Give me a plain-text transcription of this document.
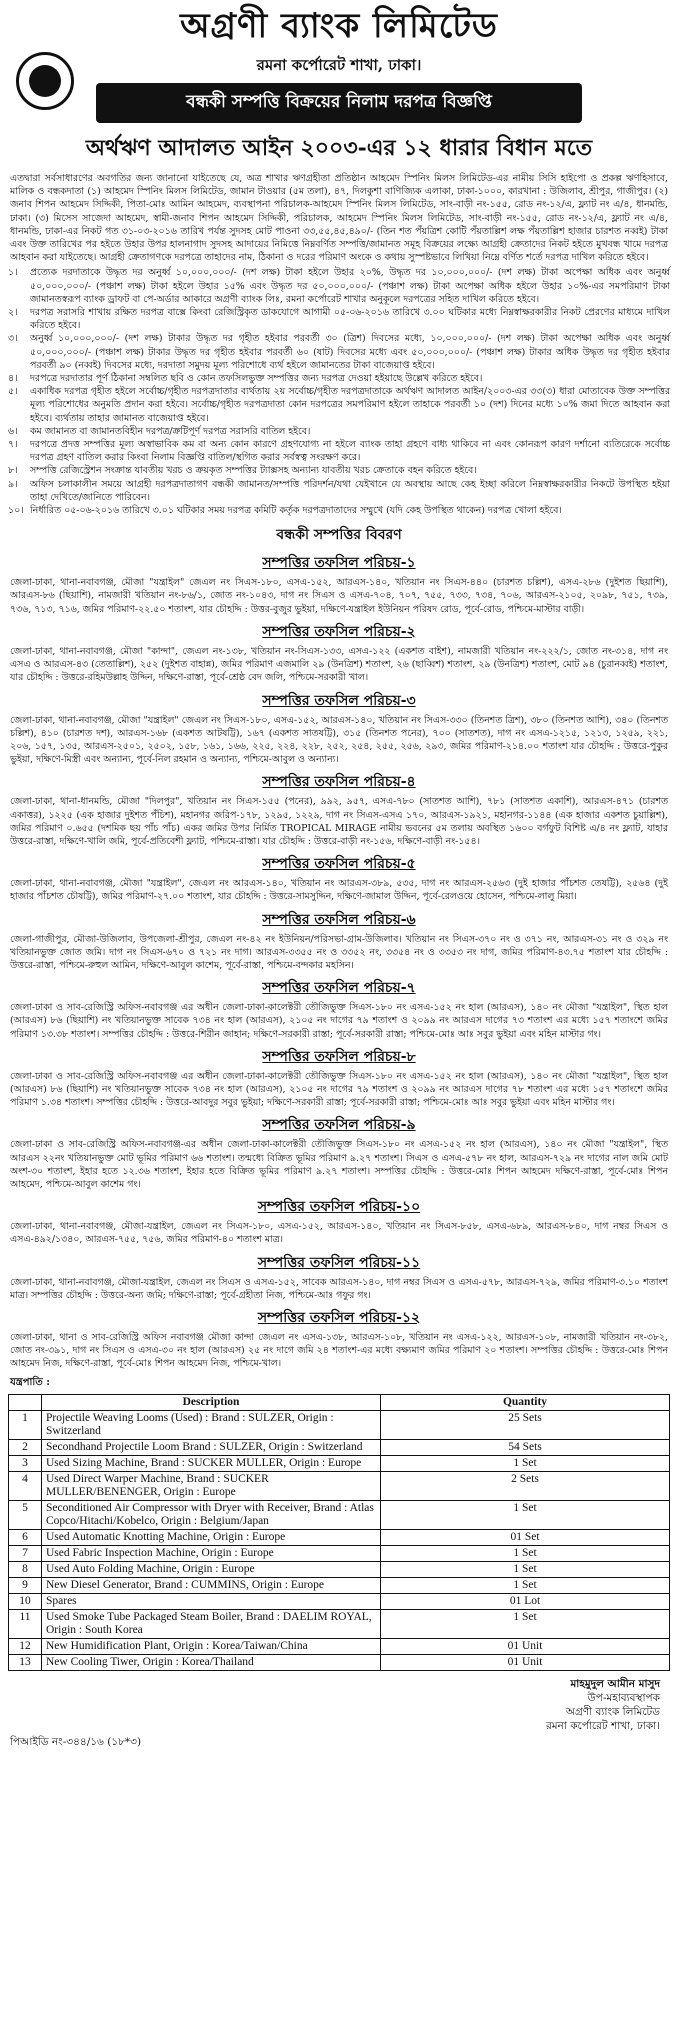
অগ্রণী ব্যাংক লিমিটেড
রমনা কর্পোরেট শাখা, ঢাকা।
বন্ধকী সম্পত্তি বিক্রয়ের নিলাম দরপত্র বিজ্ঞপ্তি
অর্থঋণ আদালত আইন ২০০৩-এর ১২ ধারার বিধান মতে
এতদ্বারা সর্বসাধারণের অবগতির জন্য জানানো যাইতেছে যে, অত্র শাখার ঋণগ্রহীতা প্রতিষ্ঠান আহমেদ স্পিনিং মিলস লিমিটেড-এর নামীয় সিসি হাইপো ও প্রকল্প ঋণহিসাবে, মালিক ও বন্ধকদাতা (১) আহমেদ স্পিনিং মিলস লিমিটেড, জামান টাওয়ার (৫ম তলা), ৪৭, দিলকুশা বাণিজ্যিক এলাকা, ঢাকা-১০০০, কারখানা : উজিলাব, শ্রীপুর, গাজীপুর। (২) জনাব শিপন আহমেদ সিদ্দিকী, পিতা-মোঃ আমিন আহমেদ, ব্যবস্থাপনা পরিচালক-আহমেদ স্পিনিং মিলস লিমিটেড, সাং-বাড়ী নং-১৫৫, রোড নং-১২/এ, ফ্ল্যাট নং এ/৪, ধানমন্ডি, ঢাকা। (৩) মিসেস সাজেদা আহমেদ, স্বামী-জনাব শিপন আহমেদ সিদ্দিকী, পরিচালক, আহমেদ স্পিনিং মিলস লিমিটেড, সাং-বাড়ী নং-১৫৫, রোড নং-১২/এ, ফ্ল্যাট নং এ/৪, ধানমন্ডি, ঢাকা-এর নিকট গত ৩১-০৩-২০১৬ তারিখ পর্যন্ত সুদসহ মোট পাওনা ৩৩,৫৫,৪৫,৪৯০/- (তিন শত পঁয়ত্রিশ কোটি পঁয়তাল্লিশ লক্ষ পঁয়তাল্লিশ হাজার চারশত নব্বই) টাকা এবং উক্ত তারিখের পর হইতে উহার উপর হালনাগাদ সুদসহ আদায়ের নিমিত্তে নিম্নবর্ণিত সম্পত্তি/জামানত সমূহ বিক্রয়ের লক্ষ্যে আগ্রহী ক্রেতাদের নিকট হইতে মুখবন্ধ খামে দরপত্র আহবান করা যাইতেছে। আগ্রহী ক্রেতাগণকে দরপত্রে তাহাদের নাম, ঠিকানা ও দরের পরিমাণ অংকে ও কথায় সুস্পষ্টভাবে লিখিয়া নিম্নে বর্ণিত শর্তে দরপত্র দাখিল করিতে হইবে।
১।	প্রত্যেক দরদাতাকে উদ্ধৃত দর অনুর্ধ্ব ১০,০০০,০০০/- (দশ লক্ষ) টাকা হইলে উহার ২০%, উদ্ধৃত দর ১০,০০০,০০০/- (দশ লক্ষ) টাকা অপেক্ষা অধিক এবং অনুর্ধ্ব ৫০,০০০,০০০/- (পঞ্চাশ লক্ষ) টাকা হইলে উহার ১৫% এবং উদ্ধৃত দর ৫০,০০০,০০০/- (পঞ্চাশ লক্ষ) টাকা অপেক্ষা অধিক হইলে উহার ১০%-এর সমপরিমাণ টাকা জামানতস্বরূপ ব্যাংক ড্রাফট বা পে-অর্ডার আকারে অগ্রণী ব্যাংক লিঃ, রমনা কর্পোরেট শাখার অনুকূলে দরপত্রের সহিত দাখিল করিতে হইবে।
২।	দরপত্র সরাসরি শাখায় রক্ষিত দরপত্র বাক্সে কিংবা রেজিস্ট্রিকৃত ডাকযোগে আগামী ০৫-০৬-২০১৬ তারিখে ৩.০০ ঘটিকার মধ্যে নিম্নস্বাক্ষরকারীর নিকট প্রেরণের মাধ্যমে দাখিল করিতে হইবে।
৩।	অনুর্ধ্ব ১০,০০০,০০০/- (দশ লক্ষ) টাকার উদ্ধৃত দর গৃহীত হইবার পরবর্তী ৩০ (ত্রিশ) দিবসের মধ্যে, ১০,০০০,০০০/- (দশ লক্ষ) টাকা অপেক্ষা অধিক এবং অনুর্ধ্ব ৫০,০০০,০০০/- (পঞ্চাশ লক্ষ) টাকার উদ্ধৃত দর গৃহীত হইবার পরবর্তী ৬০ (ষাট) দিবসের মধ্যে এবং ৫০,০০০,০০০/- (পঞ্চাশ লক্ষ) টাকার অধিক উদ্ধৃত দর গৃহীত হইবার পরবর্তী ৯০ (নব্বই) দিবসের মধ্যে, দরদাতা সমুদয় মূল্য পরিশোধে ব্যর্থ হইলে জামানতের টাকা বাজেয়াপ্ত হইবে।
৪।	দরপত্রে দরদাতার পূর্ণ ঠিকানা সম্বলিত ছবি ও কোন তফসিলভুক্ত সম্পত্তির জন্য দরপত্র দেওয়া হইয়াছে উল্লেখ করিতে হইবে।
৫।	একাধিক দরপত্র গৃহীত হইলে সর্বোচ্চ/গৃহীত দরপত্রদাতার ব্যর্থতায় ২য় সর্বোচ্চ/গৃহীত দরপত্রদাতাকে অর্থঋণ আদালত আইন/২০০৩-এর ৩৩(৩) ধারা মোতাবেক উক্ত সম্পত্তির মূল্য পরিশোধের অনুমতি প্রদান করা হইবে। সর্বোচ্চ/গৃহীত দরপত্রদাতা কোন দরপত্রের সমপরিমাণ হইলে তাহাকে পরবর্তী ১০ (দশ) দিনের মধ্যে ১০% জমা দিতে আহবান করা হইবে। ব্যর্থতায় তাহার জামানত বাজেয়াপ্ত হইবে।
৬।	কম জামানত বা জামানতবিহীন দরপত্র/ক্রটিপূর্ণ দরপত্র সরাসরি বাতিল হইবে।
৭।	দরপত্রে প্রদত্ত সম্পত্তির মূল্য অস্বাভাবিক কম বা অন্য কোন কারণে গ্রহণযোগ্য না হইলে ব্যাংক তাহা গ্রহণে বাধ্য থাকিবে না এবং কোনরূপ কারণ দর্শানো ব্যতিরেকে সর্বোচ্চ দরপত্র গ্রহণ বাতিল করার কিংবা নিলাম বিজ্ঞপ্তি বাতিল/স্থগিত করার সর্বস্বত্ব সংরক্ষণ করে।
৮।	সম্পত্তি রেজিস্ট্রেশন সংক্রান্ত যাবতীয় খরচ ও ক্রয়কৃত সম্পত্তির ট্যাক্সসহ অন্যান্য যাবতীয় খরচ ক্রেতাকে বহন করিতে হইবে।
৯।	অফিস চলাকালীন সময়ে আগ্রহী দরপত্রদাতাগণ বন্ধকী জামানত/সম্পত্তি পরিদর্শন/যথা যেইখানে যে অবস্থায় আছে কেহ ইচ্ছা করিলে নিম্নস্বাক্ষরকারীর নিকটে উপস্থিত হইয়া তাহা দেখিতে/জানিতে পারিবেন।
১০। নির্ধারিত ০৫-০৬-২০১৬ তারিখে ৩.০১ ঘটিকার সময় দরপত্র কমিটি কর্তৃক দরপত্রদাতাদের সম্মুখে (যদি কেহ উপস্থিত থাকেন) দরপত্র খোলা হইবে।
বন্ধকী সম্পত্তির বিবরণ
সম্পত্তির তফসিল পরিচয়-১
জেলা-ঢাকা, থানা-নবাবগঞ্জ, মৌজা "যন্ত্রাইল" জেএল নং সিএস-১৮০, এসএ-১৫২, আরএস-১৪০, খতিয়ান নং সিএস-৪৪০ (চারশত চল্লিশ), এসএ-২৮৬ (দুইশত ছিয়াশি), আরএস-৮৬ (ছিয়াশি), নামজারী খতিয়ান নং-৮৬/১, জোত নং-১০৪৩, দাগ নং সিএস ও এসএ-৭০৪, ৭০৭, ৭৫৫, ৭৩৩, ৭৩৪, ৭০৬, আরএস-২১০৫, ২০৯৮, ৭৫১, ৭৩৯, ৭৩৬, ৭১৩, ৭১৬, জমির পরিমাণ-২২.৫০ শতাংশ, যার চৌহদ্দি : উত্তর-বুজুর ভুইয়া, দক্ষিণে-যন্ত্রাইল ইউনিয়ন পরিষদ রোড, পূর্বে-রোড, পশ্চিমে-মাস্টার বাড়ী।
সম্পত্তির তফসিল পরিচয়-২
জেলা-ঢাকা, থানা-নবাবগঞ্জ, মৌজা "কান্দা", জেএল নং-১৩৮, খতিয়ান নং-সিএস-১৩৩, এসএ-১২২ (একশত বাইশ), নামজারী খতিয়ান নং-২২২/১, জোত নং-৩১৪, দাগ নং এসএ ও আরএস-৪৩ (তেতাল্লিশ), ২৫২ (দুইশত বাহান্ন), জমির পরিমাণ এজমালি ২৯ (উনত্রিশ) শতাংশ, ২৬ (ছাব্বিশ) শতাংশ, ২৯ (উনত্রিশ) শতাংশ, মোট ৯৪ (চুরানব্বই) শতাংশ, যার চৌহদ্দি : উত্তরে-রহিমউল্লাহ উদ্দিন, দক্ষিণে-রাস্তা, পূর্বে-শ্রেষ্ঠ বেদ জলি, পশ্চিমে-সরকারী খাল।
সম্পত্তির তফসিল পরিচয়-৩
জেলা-ঢাকা, থানা-নবাবগঞ্জ, মৌজা "যন্ত্রাইল" জেএল নং সিএস-১৮০, এসএ-১৫২, আরএস-১৪০, খতিয়ান নং সিএস-৩৩০ (তিনশত ত্রিশ), ৩৮০ (তিনশত আশি), ৩৪০ (তিনশত চল্লিশ), ৪১০ (চারশত দশ), আরএস-১৬৮ (একশত আটষট্টি), ১৬৭ (একশত সাতষট্টি), ৩১৫ (তিনশত পনের), ৭০০ (সাতশত), দাগ নং এসএ-১২১৫, ১২১৩, ১২৫৯, ২২১, ২০৬, ১৫৭, ১৩৫, আরএস-২৫০১, ২৫০২, ১৫৮, ১৬১, ১৬৬, ২২৫, ২২৪, ২২৮, ২৫২, ২৫৪, ২৫৫, ২৫৬, ২৯৩, জমির পরিমাণ-২১৪.০০ শতাংশ যার চৌহদ্দি : উত্তরে-পুকুর ভুইয়া, দক্ষিণে-মিস্ত্রী এবং অন্যান্য, পূর্বে-নিল রহমান ও অন্যান্য, পশ্চিমে-আবুল ও অন্যান্য।
সম্পত্তির তফসিল পরিচয়-৪
জেলা-ঢাকা, থানা-ধানমন্ডি, মৌজা "দিলপুর", খতিয়ান নং সিএস-১৫৫ (পনের), ৯৯২, ৯৫৭, এসএ-৭৮০ (সাতশত আশি), ৭৮১ (সাতশত একাশি), আরএস-৪৭১ (চারশত একাত্তর), ১২২৫ (এক হাজার দুইশত পঁচিশ), মহানগর জরিপ-১৭৮, ১২৯৫, ১২২৯, দাগ নং সিএস-এসএ ১৭০, আরএস-১৯২১, মহানগর-১১৪৪ (এক হাজার একশত চুয়াল্লিশ), জমির পরিমাণ ০.৬৫৫ (দশমিক ছয় পাঁচ পাঁচ) একর জমির উপর নির্মিত TROPICAL MIRAGE নামীয় ভবনের ৫ম তলায় অবস্থিত ১৬০০ বর্গফুট বিশিষ্ট এ/৪ নং ফ্ল্যাট, যাহার উত্তরে-রাস্তা, দক্ষিণে-খালি জমি, পূর্বে-প্রতিবেশী ফ্ল্যাট, পশ্চিমে-রাস্তা। যার চৌহদ্দি : উত্তরে-বাড়ী নং-১৫৬, দক্ষিণে-বাড়ী নং-১৫৪।
সম্পত্তির তফসিল পরিচয়-৫
জেলা-ঢাকা, থানা-নবাবগঞ্জ, মৌজা "যন্ত্রাইল", জেএল নং আরএস-১৪০, খতিয়ান নং আরএস-৩৮৯, ৫৩৫, দাগ নং আরএস-২৫৬৩ (দুই হাজার পাঁচশত তেষট্টি), ২৫৬৪ (দুই হাজার পাঁচশত চৌষট্টি), জমির পরিমাণ-২৭.০০ শতাংশ, যার চৌহদ্দি : উত্তরে-সামসুদ্দিন, দক্ষিণে-জামাল উদ্দিন, পূর্বে-রেলওয়ে হোসেন, পশ্চিমে-লালু মিয়া।
সম্পত্তির তফসিল পরিচয়-৬
জেলা-গাজীপুর, মৌজা-উজিলাব, উপজেলা-শ্রীপুর, জেএল নং-৪২ নং ইউনিয়ন/পরিসভা-গ্রাম-উজিলাব। খতিয়ান নং সিএস-৩৭০ নং ও ৩৭১ নং, আরএস-৩১ নং ও ৩২৯ নং খতিয়ানভুক্ত জোত জমি। দাগ নং সিএস-৬৭০ ও ৭২১ নং দাগ। আরএস-৩৩৫৫ নং ও ৩৩৫২ নং, ৩৩৫৪ নং ও ৩৩৫৩ নং দাগ, জমির পরিমাণ-৪৩.৭৫ শতাংশ যার চৌহদ্দি : উত্তরে-রাস্তা, পশ্চিমে-রুহুল আমিন, দক্ষিণে-আবুল কাশেম, পূর্বে-রাস্তা, পশ্চিমে-বন্দকার মহসিন।
সম্পত্তির তফসিল পরিচয়-৭
জেলা-ঢাকা ও সাব-রেজিস্ট্রি অফিস-নবাবগঞ্জ এর অধীন জেলা-ঢাকা-কালেক্টরী তৌজিভুক্ত সিএস-১৮০ নং এসএ-১৫২ নং হাল (আরএস), ১৪০ নং মৌজা "যন্ত্রাইল", স্থিত হাল (আরএস) ৮৬ (ছিয়াশি) নং খতিয়ানভুক্ত সাবেক ৭৩৪ নং হাল (আরএস), ২১০৫ নং দাগের ৭৯ শতাংশ ও ২০৯৯ নং আরএস দাগের ৭৩ শতাংশ এর মধ্যে ১৫৭ শতাংশে জমির পরিমাণ ১৩.৩৮ শতাংশ। সম্পত্তির চৌহদ্দি : উত্তরে-শিরীন জাহান; দক্ষিণে-সরকারী রাস্তা; পূর্বে-সরকারী রাস্তা; পশ্চিমে-মোঃ আঃ সবুর ভুইয়া এবং মহিন মাস্টার গং।
সম্পত্তির তফসিল পরিচয়-৮
জেলা-ঢাকা ও সাব-রেজিস্ট্রি অফিস-নবাবগঞ্জ এর অধীন জেলা-ঢাকা-কালেক্টরী তৌজিভুক্ত সিএস-১৮০ নং এসএ-১৫২ নং হাল (আরএস), ১৪০ নং মৌজা "যন্ত্রাইল", স্থিত হাল (আরএস) ৮৬ (ছিয়াশি) নং খতিয়ানভুক্ত সাবেক ৭৩৪ নং হাল (আরএস), ২১০৫ নং দাগের ৭৯ শতাংশ ও ২০৯৯ নং আরএস দাগের ৭৮ শতাংশ এর মধ্যে ১৫৭ শতাংশে জমির পরিমাণ ১.৩৪ শতাংশ। সম্পত্তির চৌহদ্দি : উত্তরে-আবদুর সবুর ভুইয়া; দক্ষিণে-সরকারী রাস্তা; পূর্বে-সরকারী রাস্তা; পশ্চিমে-মোঃ আঃ সবুর ভুইয়া এবং মহিন মাস্টার গং।
সম্পত্তির তফসিল পরিচয়-৯
জেলা-ঢাকা ও সাব-রেজিস্ট্রি অফিস-নবাবগঞ্জ-এর অধীন জেলা-ঢাকা-কালেক্টরী তৌজিভুক্ত সিএস-১৮০ নং এসএ-১৫২ নং হাল (আরএস), ১৪০ নং মৌজা "যন্ত্রাইল", স্থিত আরএস ২২নং খতিয়ানভুক্ত মোট ভূমির পরিমাণ ৬৬ শতাংশ। তন্মধ্যে বিক্রিত ভূমির পরিমাণ ৯.২৭ শতাংশ। সিএস ও এসএ-৫৭৮ নং হাল, আরএস-৭২৯ নং দাগের নাল জমি মোট অংশ-৩০ শতাংশ, ইহার হতে ১২.৩৬ শতাংশ, ইহার হতে বিক্রিত ভূমির পরিমাণ ৯.২৭ শতাংশ। সম্পত্তির চৌহদ্দি : উত্তরে-মোঃ শিপন আহমেদ দক্ষিণে-রাস্তা, পূর্বে-মোঃ শিপন আহমেদ, পশ্চিমে-আবুল কাশেম গং।
সম্পত্তির তফসিল পরিচয়-১০
জেলা-ঢাকা, থানা-নবাবগঞ্জ, মৌজা-যন্ত্রাইল, জেএল নং সিএস-১৮০, এসএ-১৫২, আরএস-১৪০, খতিয়ান নং সিএস-৮৫৮, এসএ-৬৮৯, আরএস-৮৪০, দাগ নম্বর সিএস ও এসএ-৪৯২/১৩৪০, আরএস-৭৫৫, ৭৫৬, জমির পরিমাণ-৪০ শতাংশ মাত্র।
সম্পত্তির তফসিল পরিচয়-১১
জেলা-ঢাকা, থানা-নবাবগঞ্জ, মৌজা-যন্ত্রাইল, জেএল নং সিএস ও এসএ-১৫২, সাবেক আরএস-১৪০, দাগ নম্বর সিএস ও এসএ-৫৭৮, আরএস-৭২৯, জমির পরিমাণ-৩.১০ শতাংশ মাত্র। সম্পত্তির চৌহদ্দি : উত্তরে-অন্য জমি; দক্ষিণে-রাস্তা; পূর্বে-গ্রহীতা নিজ, পশ্চিমে-আঃ গফুর গং।
সম্পত্তির তফসিল পরিচয়-১২
জেলা-ঢাকা, থানা ও সাব-রেজিস্ট্রি অফিস নবাবগঞ্জ মৌজা কান্দা জেএল নং এসএ-১৩৮, আরএস-১০৮, খতিয়ান নং এসএ-১২২, আরএস-১০৮, নামজারী খতিয়ান নং-৩৮২, জোত নং-৩৯১, দাগ নং সিএস ও এসএ-৩০ নং হাল (আরএস) ২৫ নং দাগে জমি ২৪ শতাংশ-এর মধ্যে বক্ষ্যমাণ জমির পরিমাণ ২০ শতাংশ। সম্পত্তির চৌহদ্দি : উত্তরে-মোঃ শিপন আহমেদ নিজ, দক্ষিণে-রাস্তা, পূর্বে-মোঃ শিপন আহমেদ নিজ, পশ্চিমে-খাল।
যন্ত্রপাতি :
	Description	Quantity
1	Projectile Weaving Looms (Used) : Brand : SULZER, Origin : Switzerland	25 Sets
2	Secondhand Projectile Loom Brand : SULZER, Origin : Switzerland	54 Sets
3	Used Sizing Machine, Brand : SUCKER MULLER, Origin : Europe	1 Set
4	Used Direct Warper Machine, Brand : SUCKER MULLER/BENENGER, Origin : Europe	2 Sets
5	Seconditioned Air Compressor with Dryer with Receiver, Brand : Atlas Copco/Hitachi/Kobelco, Origin : Belgium/Japan	1 Set
6	Used Automatic Knotting Machine, Origin : Europe	01 Set
7	Used Fabric Inspection Machine, Origin : Europe	1 Set
8	Used Auto Folding Machine, Origin : Europe	1 Set
9	New Diesel Generator, Brand : CUMMINS, Origin : Europe	1 Set
10	Spares	01 Lot
11	Used Smoke Tube Packaged Steam Boiler, Brand : DAELIM ROYAL, Origin : South Korea	1 Set
12	New Humidification Plant, Origin : Korea/Taiwan/China	01 Unit
13	New Cooling Tiwer, Origin : Korea/Thailand	01 Unit
মাহমুদুল আমীন মাসুদ
উপ-মহাব্যবস্থাপক
অগ্রণী ব্যাংক লিমিটেড
রমনা কর্পোরেট শাখা, ঢাকা।
পিআইডি নং-৩৪৪/১৬ (১৮*৩)
